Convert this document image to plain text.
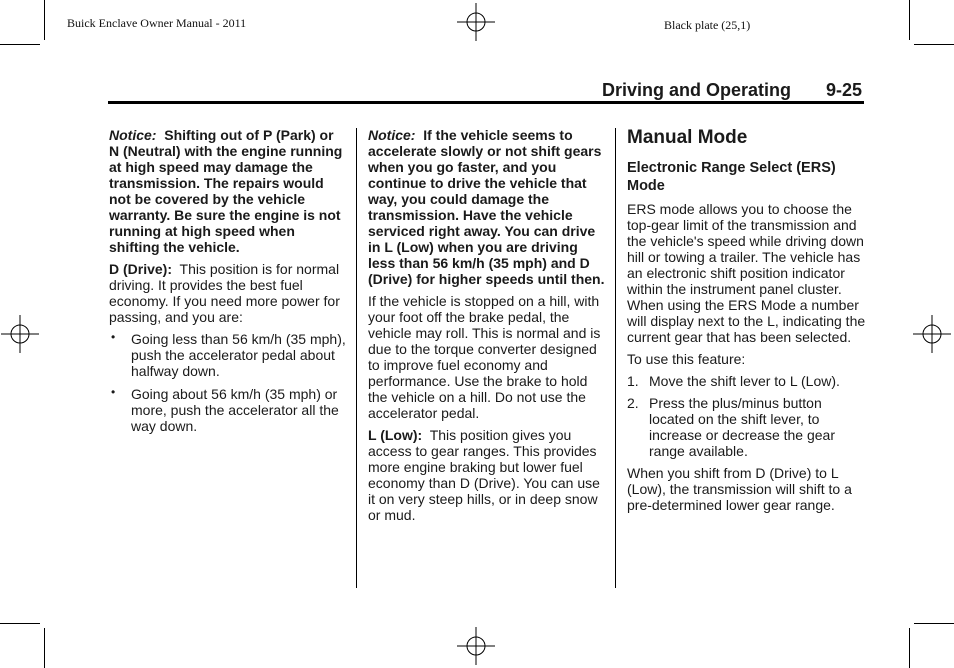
Buick Enclave Owner Manual - 2011	Black plate (25,1)
Driving and Operating 9-25

Notice: Shifting out of P (Park) or N (Neutral) with the engine running at high speed may damage the transmission. The repairs would not be covered by the vehicle warranty. Be sure the engine is not running at high speed when shifting the vehicle.

D (Drive): This position is for normal driving. It provides the best fuel economy. If you need more power for passing, and you are:

• Going less than 56 km/h (35 mph), push the accelerator pedal about halfway down.
• Going about 56 km/h (35 mph) or more, push the accelerator all the way down.

Notice: If the vehicle seems to accelerate slowly or not shift gears when you go faster, and you continue to drive the vehicle that way, you could damage the transmission. Have the vehicle serviced right away. You can drive in L (Low) when you are driving less than 56 km/h (35 mph) and D (Drive) for higher speeds until then.

If the vehicle is stopped on a hill, with your foot off the brake pedal, the vehicle may roll. This is normal and is due to the torque converter designed to improve fuel economy and performance. Use the brake to hold the vehicle on a hill. Do not use the accelerator pedal.

L (Low): This position gives you access to gear ranges. This provides more engine braking but lower fuel economy than D (Drive). You can use it on very steep hills, or in deep snow or mud.

Manual Mode
Electronic Range Select (ERS) Mode

ERS mode allows you to choose the top-gear limit of the transmission and the vehicle's speed while driving down hill or towing a trailer. The vehicle has an electronic shift position indicator within the instrument panel cluster. When using the ERS Mode a number will display next to the L, indicating the current gear that has been selected.

To use this feature:

1. Move the shift lever to L (Low).
2. Press the plus/minus button located on the shift lever, to increase or decrease the gear range available.

When you shift from D (Drive) to L (Low), the transmission will shift to a pre-determined lower gear range.
